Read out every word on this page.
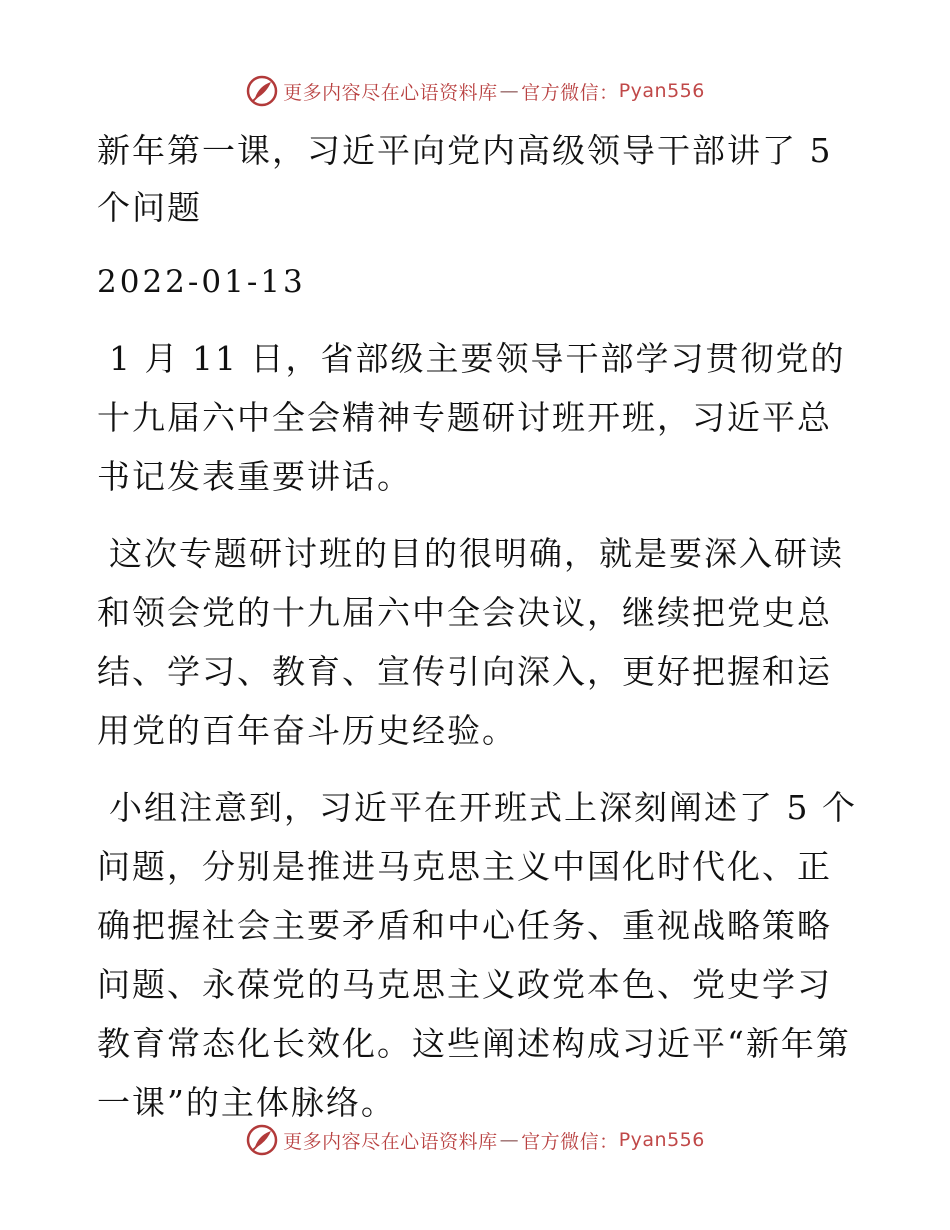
更多内容尽在心语资料库 — 官方微信： Pyan556
新年第一课，习近平向党内高级领导干部讲了 5 个问题

2022-01-13

1 月 11 日，省部级主要领导干部学习贯彻党的十九届六中全会精神专题研讨班开班，习近平总书记发表重要讲话。

这次专题研讨班的目的很明确，就是要深入研读和领会党的十九届六中全会决议，继续把党史总结、学习、教育、宣传引向深入，更好把握和运用党的百年奋斗历史经验。

小组注意到，习近平在开班式上深刻阐述了 5 个问题，分别是推进马克思主义中国化时代化、正确把握社会主要矛盾和中心任务、重视战略策略问题、永葆党的马克思主义政党本色、党史学习教育常态化长效化。这些阐述构成习近平“新年第一课”的主体脉络。

更多内容尽在心语资料库 — 官方微信： Pyan556
